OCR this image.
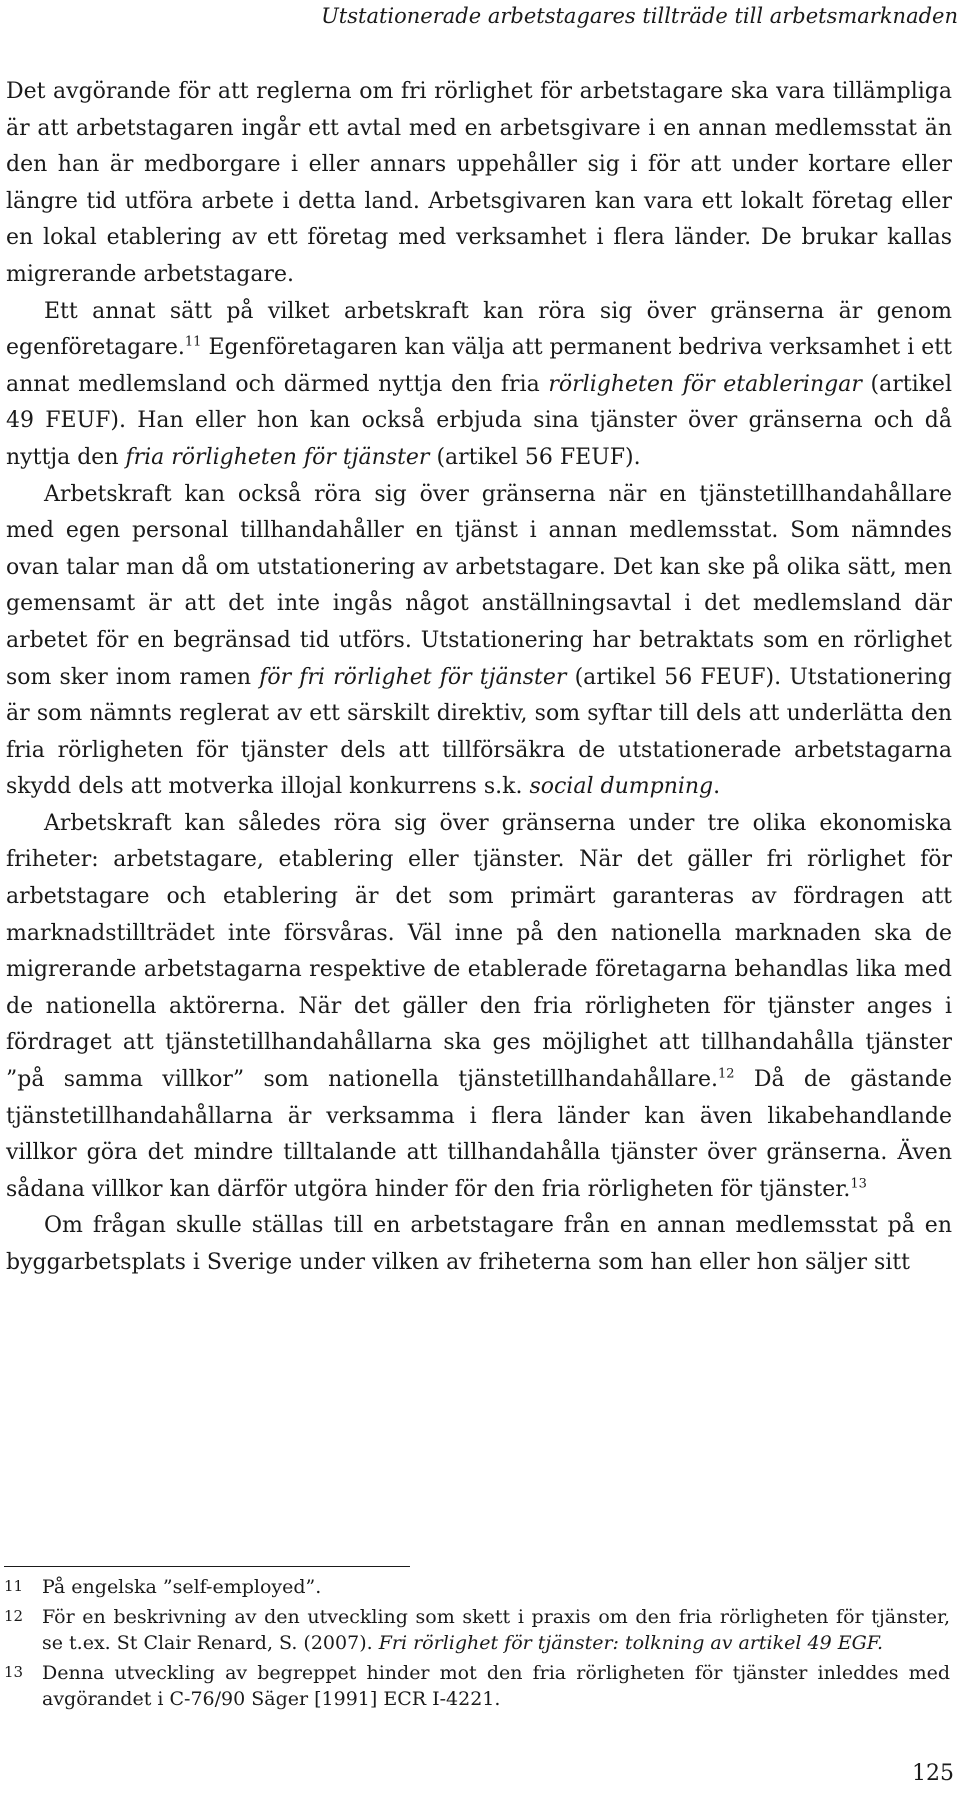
Utstationerade arbetstagares tillträde till arbetsmarknaden

Det avgörande för att reglerna om fri rörlighet för arbetstagare ska vara tillämpliga är att arbetstagaren ingår ett avtal med en arbetsgivare i en annan medlemsstat än den han är medborgare i eller annars uppehåller sig i för att under kortare eller längre tid utföra arbete i detta land. Arbetsgivaren kan vara ett lokalt företag eller en lokal etablering av ett företag med verksamhet i flera länder. De brukar kallas migrerande arbetstagare.

Ett annat sätt på vilket arbetskraft kan röra sig över gränserna är genom egenföretagare.$^{11}$ Egenföretagaren kan välja att permanent bedriva verksamhet i ett annat medlemsland och därmed nyttja den fria rörligheten för etableringar (artikel 49 FEUF). Han eller hon kan också erbjuda sina tjänster över gränserna och då nyttja den fria rörligheten för tjänster (artikel 56 FEUF).

Arbetskraft kan också röra sig över gränserna när en tjänstetillhandahållare med egen personal tillhandahåller en tjänst i annan medlemsstat. Som nämndes ovan talar man då om utstationering av arbetstagare. Det kan ske på olika sätt, men gemensamt är att det inte ingås något anställningsavtal i det medlemsland där arbetet för en begränsad tid utförs. Utstationering har betraktats som en rörlighet som sker inom ramen för fri rörlighet för tjänster (artikel 56 FEUF). Utstationering är som nämnts reglerat av ett särskilt direktiv, som syftar till dels att underlätta den fria rörligheten för tjänster dels att tillförsäkra de utstationerade arbetstagarna skydd dels att motverka illojal konkurrens s.k. social dumpning.

Arbetskraft kan således röra sig över gränserna under tre olika ekonomiska friheter: arbetstagare, etablering eller tjänster. När det gäller fri rörlighet för arbetstagare och etablering är det som primärt garanteras av fördragen att marknadstillträdet inte försvåras. Väl inne på den nationella marknaden ska de migrerande arbetstagarna respektive de etablerade företagarna behandlas lika med de nationella aktörerna. När det gäller den fria rörligheten för tjänster anges i fördraget att tjänstetillhandahållarna ska ges möjlighet att tillhandahålla tjänster ”på samma villkor” som nationella tjänstetillhandahållare.$^{12}$ Då de gästande tjänstetillhandahållarna är verksamma i flera länder kan även likabehandlande villkor göra det mindre tilltalande att tillhandahålla tjänster över gränserna. Även sådana villkor kan därför utgöra hinder för den fria rörligheten för tjänster.$^{13}$

Om frågan skulle ställas till en arbetstagare från en annan medlemsstat på en byggarbetsplats i Sverige under vilken av friheterna som han eller hon säljer sitt

11 På engelska ”self-employed”.
12 För en beskrivning av den utveckling som skett i praxis om den fria rörligheten för tjänster, se t.ex. St Clair Renard, S. (2007). Fri rörlighet för tjänster: tolkning av artikel 49 EGF.
13 Denna utveckling av begreppet hinder mot den fria rörligheten för tjänster inleddes med avgörandet i C-76/90 Säger [1991] ECR I-4221.
125
